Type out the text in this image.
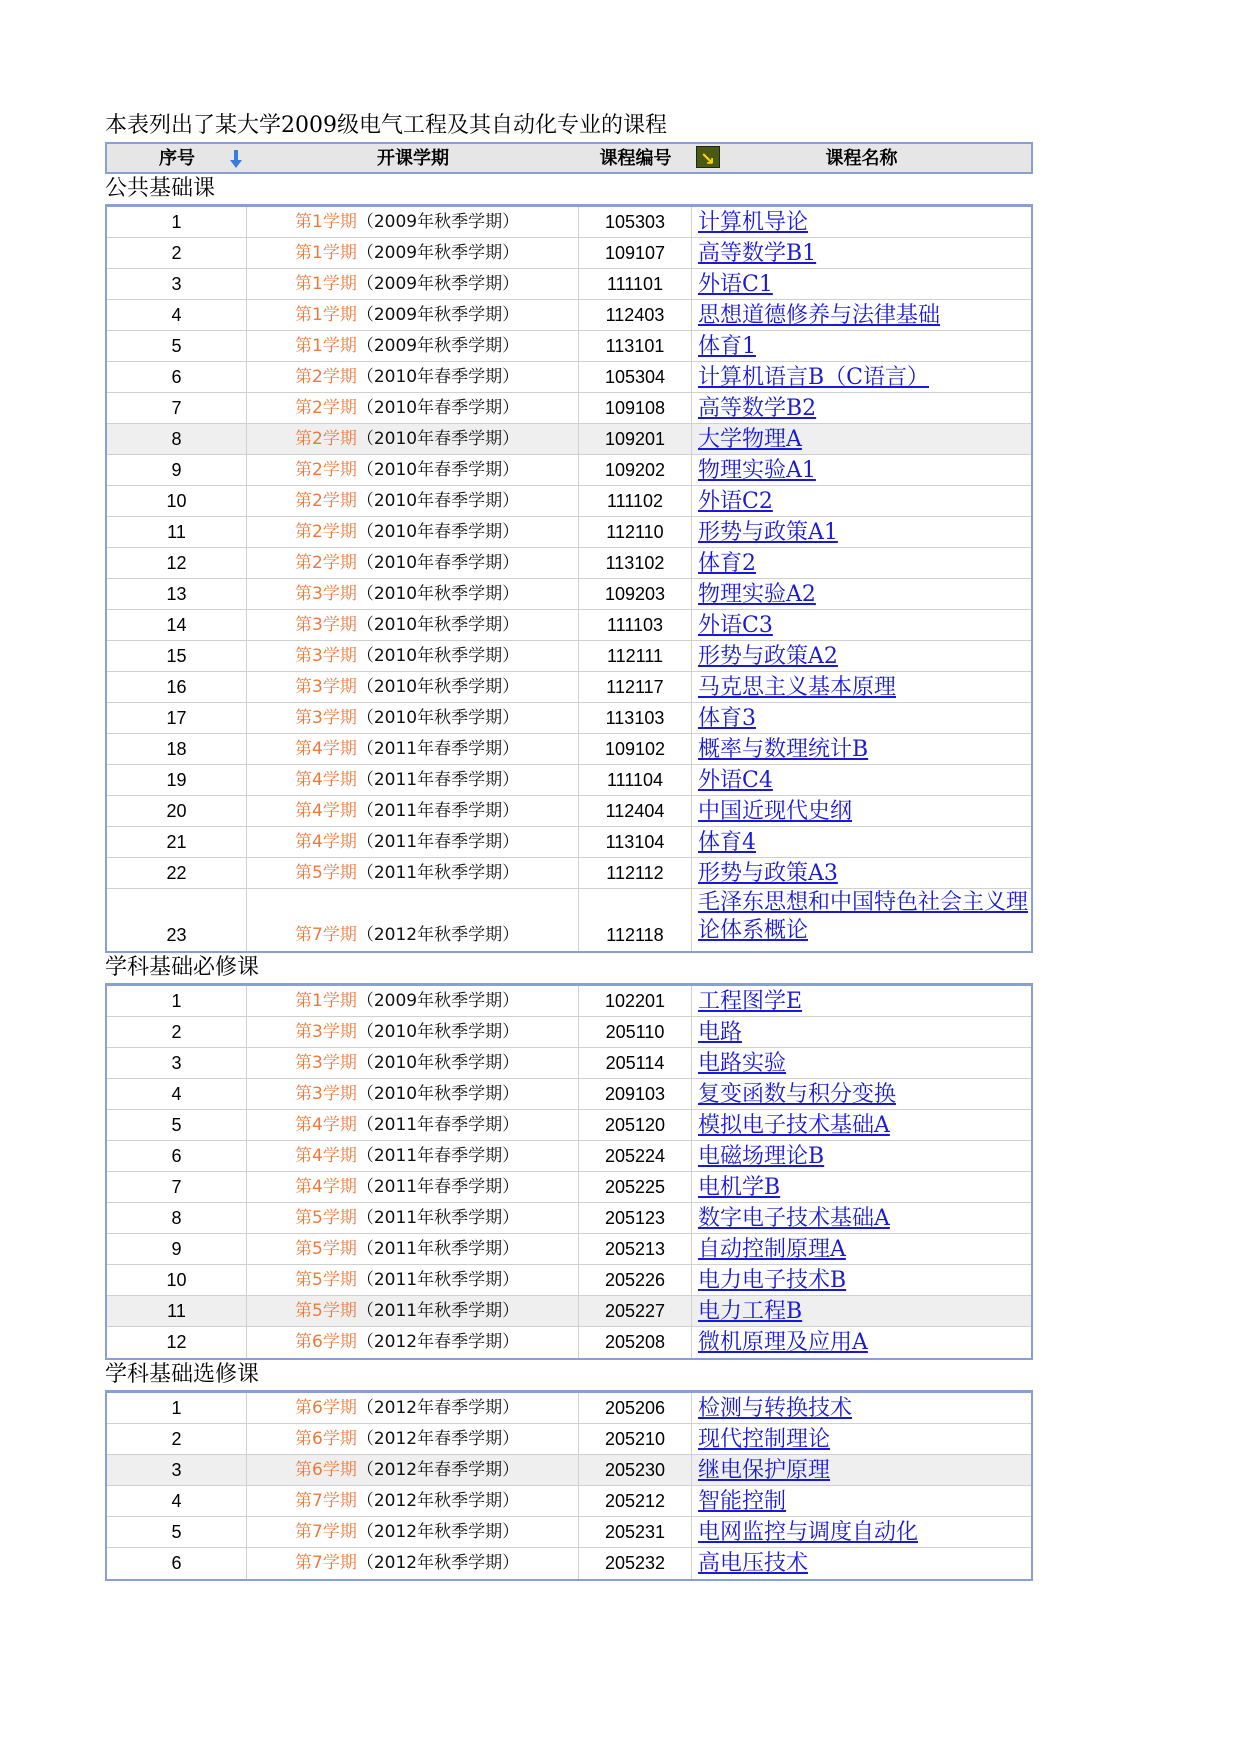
本表列出了某大学2009级电气工程及其自动化专业的课程
序号	开课学期	课程编号	↘	课程名称
公共基础课
1	第1学期（2009年秋季学期）	105303	计算机导论
2	第1学期（2009年秋季学期）	109107	高等数学B1
3	第1学期（2009年秋季学期）	111101	外语C1
4	第1学期（2009年秋季学期）	112403	思想道德修养与法律基础
5	第1学期（2009年秋季学期）	113101	体育1
6	第2学期（2010年春季学期）	105304	计算机语言B（C语言）
7	第2学期（2010年春季学期）	109108	高等数学B2
8	第2学期（2010年春季学期）	109201	大学物理A
9	第2学期（2010年春季学期）	109202	物理实验A1
10	第2学期（2010年春季学期）	111102	外语C2
11	第2学期（2010年春季学期）	112110	形势与政策A1
12	第2学期（2010年春季学期）	113102	体育2
13	第3学期（2010年秋季学期）	109203	物理实验A2
14	第3学期（2010年秋季学期）	111103	外语C3
15	第3学期（2010年秋季学期）	112111	形势与政策A2
16	第3学期（2010年秋季学期）	112117	马克思主义基本原理
17	第3学期（2010年秋季学期）	113103	体育3
18	第4学期（2011年春季学期）	109102	概率与数理统计B
19	第4学期（2011年春季学期）	111104	外语C4
20	第4学期（2011年春季学期）	112404	中国近现代史纲
21	第4学期（2011年春季学期）	113104	体育4
22	第5学期（2011年秋季学期）	112112	形势与政策A3
23	第7学期（2012年秋季学期）	112118
毛泽东思想和中国特色社会主义理论体系概论
学科基础必修课
1	第1学期（2009年秋季学期）	102201	工程图学E
2	第3学期（2010年秋季学期）	205110	电路
3	第3学期（2010年秋季学期）	205114	电路实验
4	第3学期（2010年秋季学期）	209103	复变函数与积分变换
5	第4学期（2011年春季学期）	205120	模拟电子技术基础A
6	第4学期（2011年春季学期）	205224	电磁场理论B
7	第4学期（2011年春季学期）	205225	电机学B
8	第5学期（2011年秋季学期）	205123	数字电子技术基础A
9	第5学期（2011年秋季学期）	205213	自动控制原理A
10	第5学期（2011年秋季学期）	205226	电力电子技术B
11	第5学期（2011年秋季学期）	205227	电力工程B
12	第6学期（2012年春季学期）	205208	微机原理及应用A
学科基础选修课
1	第6学期（2012年春季学期）	205206	检测与转换技术
2	第6学期（2012年春季学期）	205210	现代控制理论
3	第6学期（2012年春季学期）	205230	继电保护原理
4	第7学期（2012年秋季学期）	205212	智能控制
5	第7学期（2012年秋季学期）	205231	电网监控与调度自动化
6	第7学期（2012年秋季学期）	205232	高电压技术
